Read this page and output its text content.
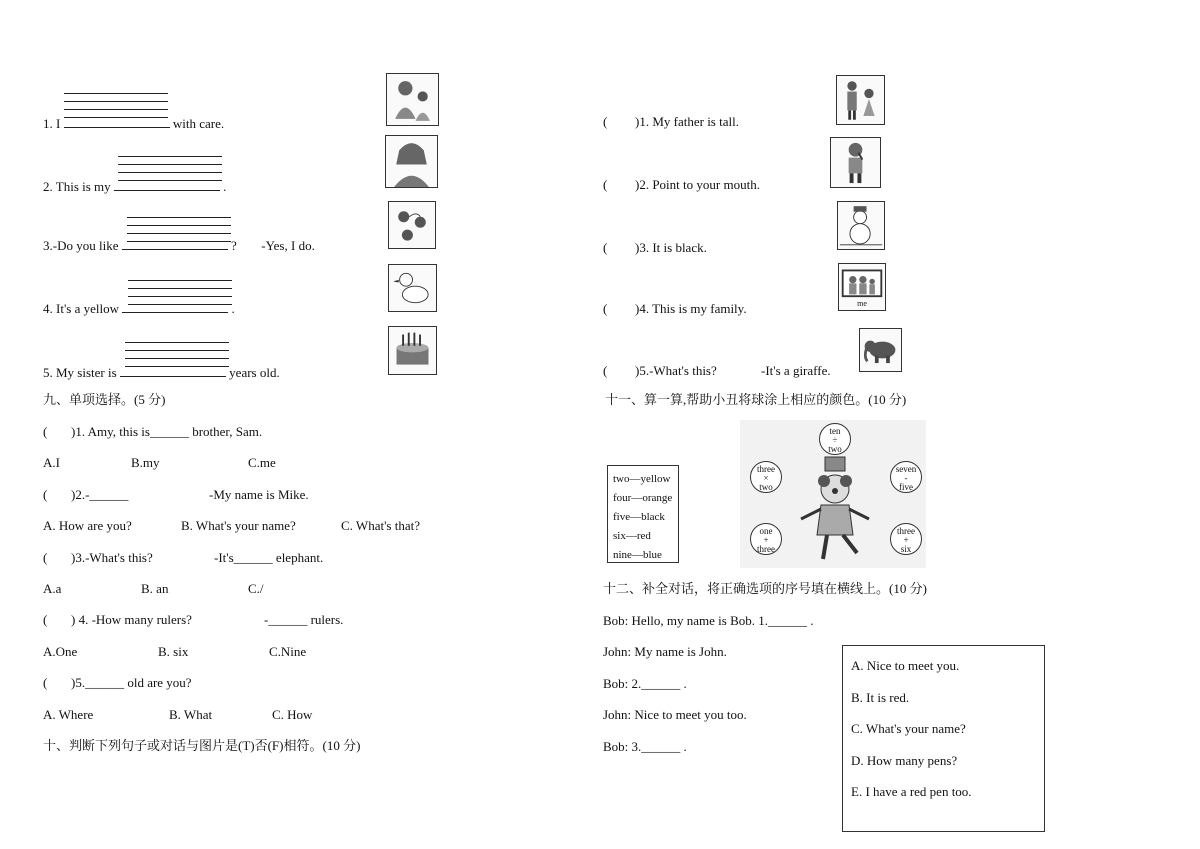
1. I	with care.
2. This is my	.
3.-Do you like	? -Yes, I do.
4. It's a yellow	.
5. My sister is	years old.
九、单项选择。(5 分)
( )1. Amy, this is______ brother, Sam.
A.I	B.my	C.me
( )2.-______	-My name is Mike.
A. How are you?	B. What's your name?	C. What's that?
( )3.-What's this?	-It's______ elephant.
A.a	B. an	C./
( ) 4. -How many rulers?	-______ rulers.
A.One	B. six	C.Nine
( )5.______ old are you?
A. Where	B. What	C. How
十、判断下列句子或对话与图片是(T)否(F)相符。(10 分)
( )1. My father is tall.
( )2. Point to your mouth.
( )3. It is black.
( )4. This is my family.	me
( )5.-What's this?	-It's a giraffe.
十一、算一算,帮助小丑将球涂上相应的颜色。(10 分)
two—yellow
four—orange
five—black
six—red
nine—blue
ten
÷
two
three
×
two
seven
-
five
one
+
three
three
+
six
十二、补全对话，将正确选项的序号填在横线上。(10 分)
Bob: Hello, my name is Bob. 1.______ .
John: My name is John.
Bob: 2.______ .
John: Nice to meet you too.
Bob: 3.______ .
A. Nice to meet you.
B. It is red.
C. What's your name?
D. How many pens?
E. I have a red pen too.
